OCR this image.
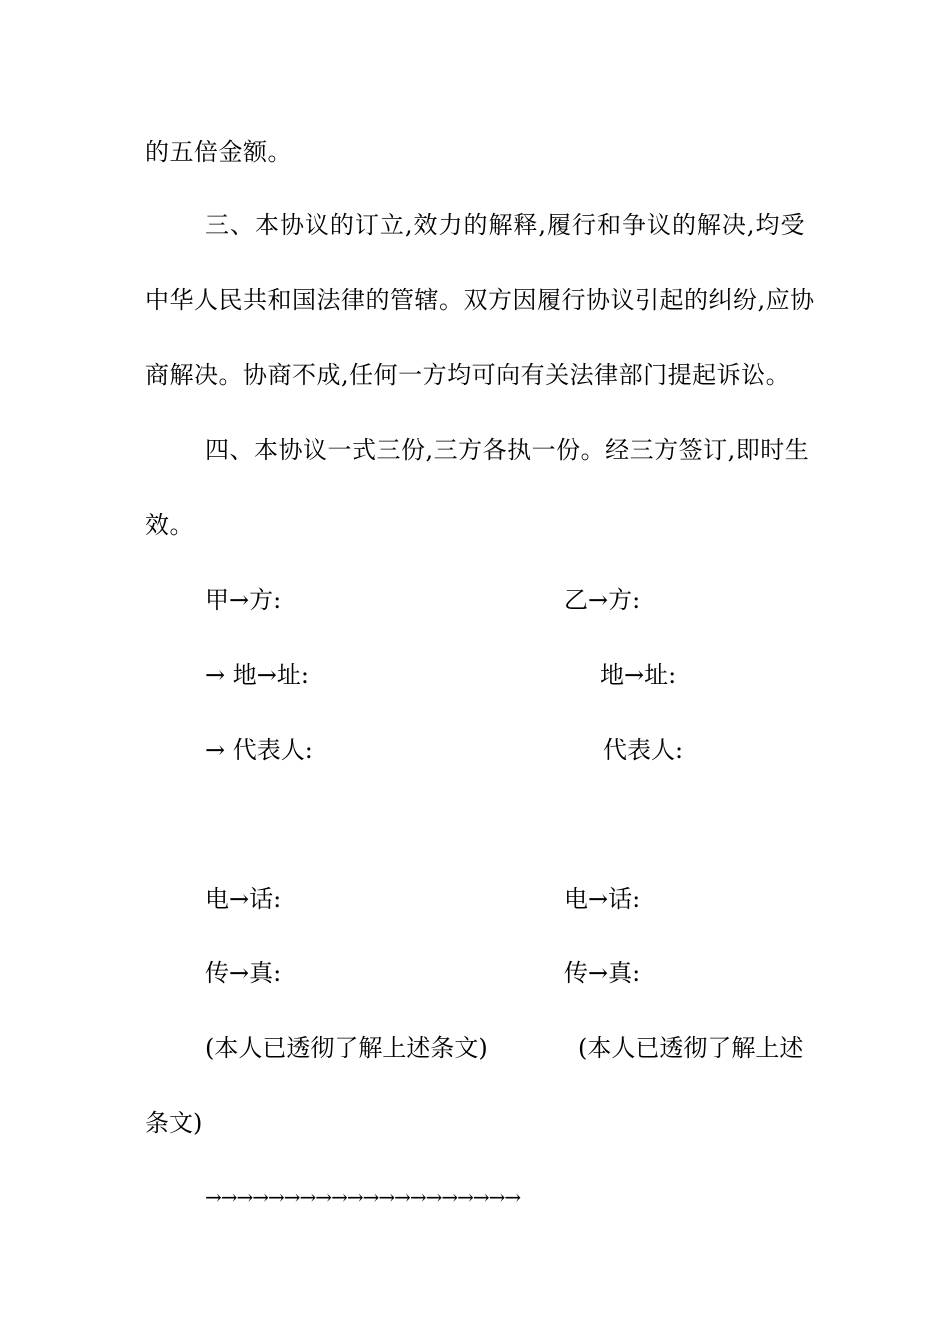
的五倍金额。
三、本协议的订立,效力的解释,履行和争议的解决,均受
中华人民共和国法律的管辖。双方因履行协议引起的纠纷,应协
商解决。协商不成,任何一方均可向有关法律部门提起诉讼。
四、本协议一式三份,三方各执一份。经三方签订,即时生
效。
甲→方:	乙→方:
→ 地→址:	地→址:
→ 代表人:	代表人:
电→话:	电→话:
传→真:	传→真:
(本人已透彻了解上述条文)	(本人已透彻了解上述
条文)
→→→→→→→→→→→→→→→→→→→→
